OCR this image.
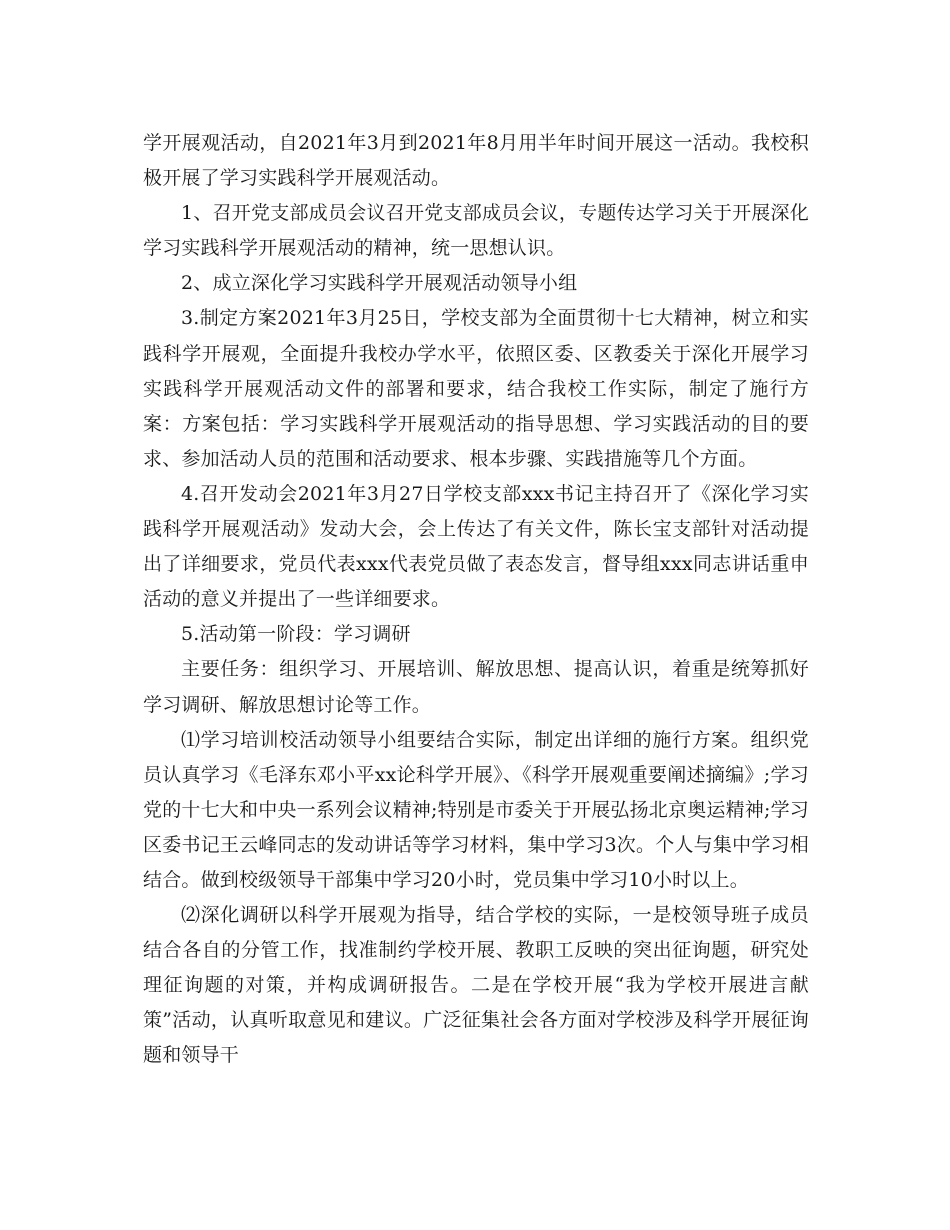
学开展观活动，自2021年3月到2021年8月用半年时间开展这一活动。我校积极开展了学习实践科学开展观活动。

1、召开党支部成员会议召开党支部成员会议，专题传达学习关于开展深化学习实践科学开展观活动的精神，统一思想认识。

2、成立深化学习实践科学开展观活动领导小组

3.制定方案2021年3月25日，学校支部为全面贯彻十七大精神，树立和实践科学开展观，全面提升我校办学水平，依照区委、区教委关于深化开展学习实践科学开展观活动文件的部署和要求，结合我校工作实际，制定了施行方案：方案包括：学习实践科学开展观活动的指导思想、学习实践活动的目的要求、参加活动人员的范围和活动要求、根本步骤、实践措施等几个方面。

4.召开发动会2021年3月27日学校支部xxx书记主持召开了《深化学习实践科学开展观活动》发动大会，会上传达了有关文件，陈长宝支部针对活动提出了详细要求，党员代表xxx代表党员做了表态发言，督导组xxx同志讲话重申活动的意义并提出了一些详细要求。

5.活动第一阶段：学习调研

主要任务：组织学习、开展培训、解放思想、提高认识，着重是统筹抓好学习调研、解放思想讨论等工作。

⑴学习培训校活动领导小组要结合实际，制定出详细的施行方案。组织党员认真学习《毛泽东邓小平xx论科学开展》、《科学开展观重要阐述摘编》;学习党的十七大和中央一系列会议精神;特别是市委关于开展弘扬北京奥运精神;学习区委书记王云峰同志的发动讲话等学习材料，集中学习3次。个人与集中学习相结合。做到校级领导干部集中学习20小时，党员集中学习10小时以上。

⑵深化调研以科学开展观为指导，结合学校的实际，一是校领导班子成员结合各自的分管工作，找准制约学校开展、教职工反映的突出征询题，研究处理征询题的对策，并构成调研报告。二是在学校开展“我为学校开展进言献策”活动，认真听取意见和建议。广泛征集社会各方面对学校涉及科学开展征询题和领导干
